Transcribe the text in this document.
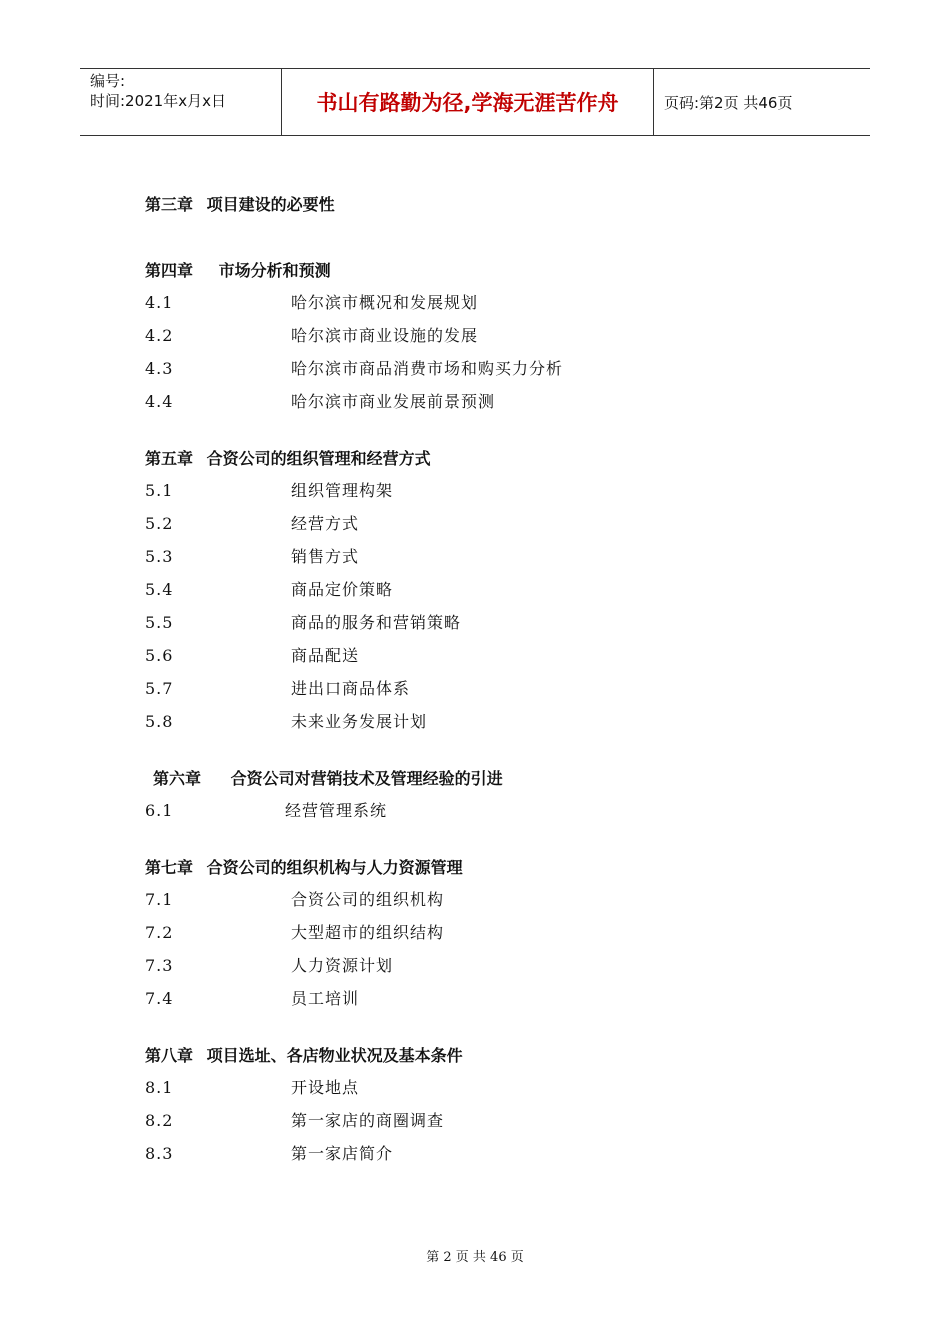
编号:
时间:2021年x月x日	书山有路勤为径,学海无涯苦作舟	页码:第2页 共46页
第三章 项目建设的必要性
第四章 市场分析和预测
4.1	哈尔滨市概况和发展规划
4.2	哈尔滨市商业设施的发展
4.3	哈尔滨市商品消费市场和购买力分析
4.4	哈尔滨市商业发展前景预测
第五章 合资公司的组织管理和经营方式
5.1	组织管理构架
5.2	经营方式
5.3	销售方式
5.4	商品定价策略
5.5	商品的服务和营销策略
5.6	商品配送
5.7	进出口商品体系
5.8	未来业务发展计划
第六章 合资公司对营销技术及管理经验的引进
6.1	经营管理系统
第七章 合资公司的组织机构与人力资源管理
7.1	合资公司的组织机构
7.2	大型超市的组织结构
7.3	人力资源计划
7.4	员工培训
第八章 项目选址、各店物业状况及基本条件
8.1	开设地点
8.2	第一家店的商圈调查
8.3	第一家店简介
第 2 页 共 46 页
